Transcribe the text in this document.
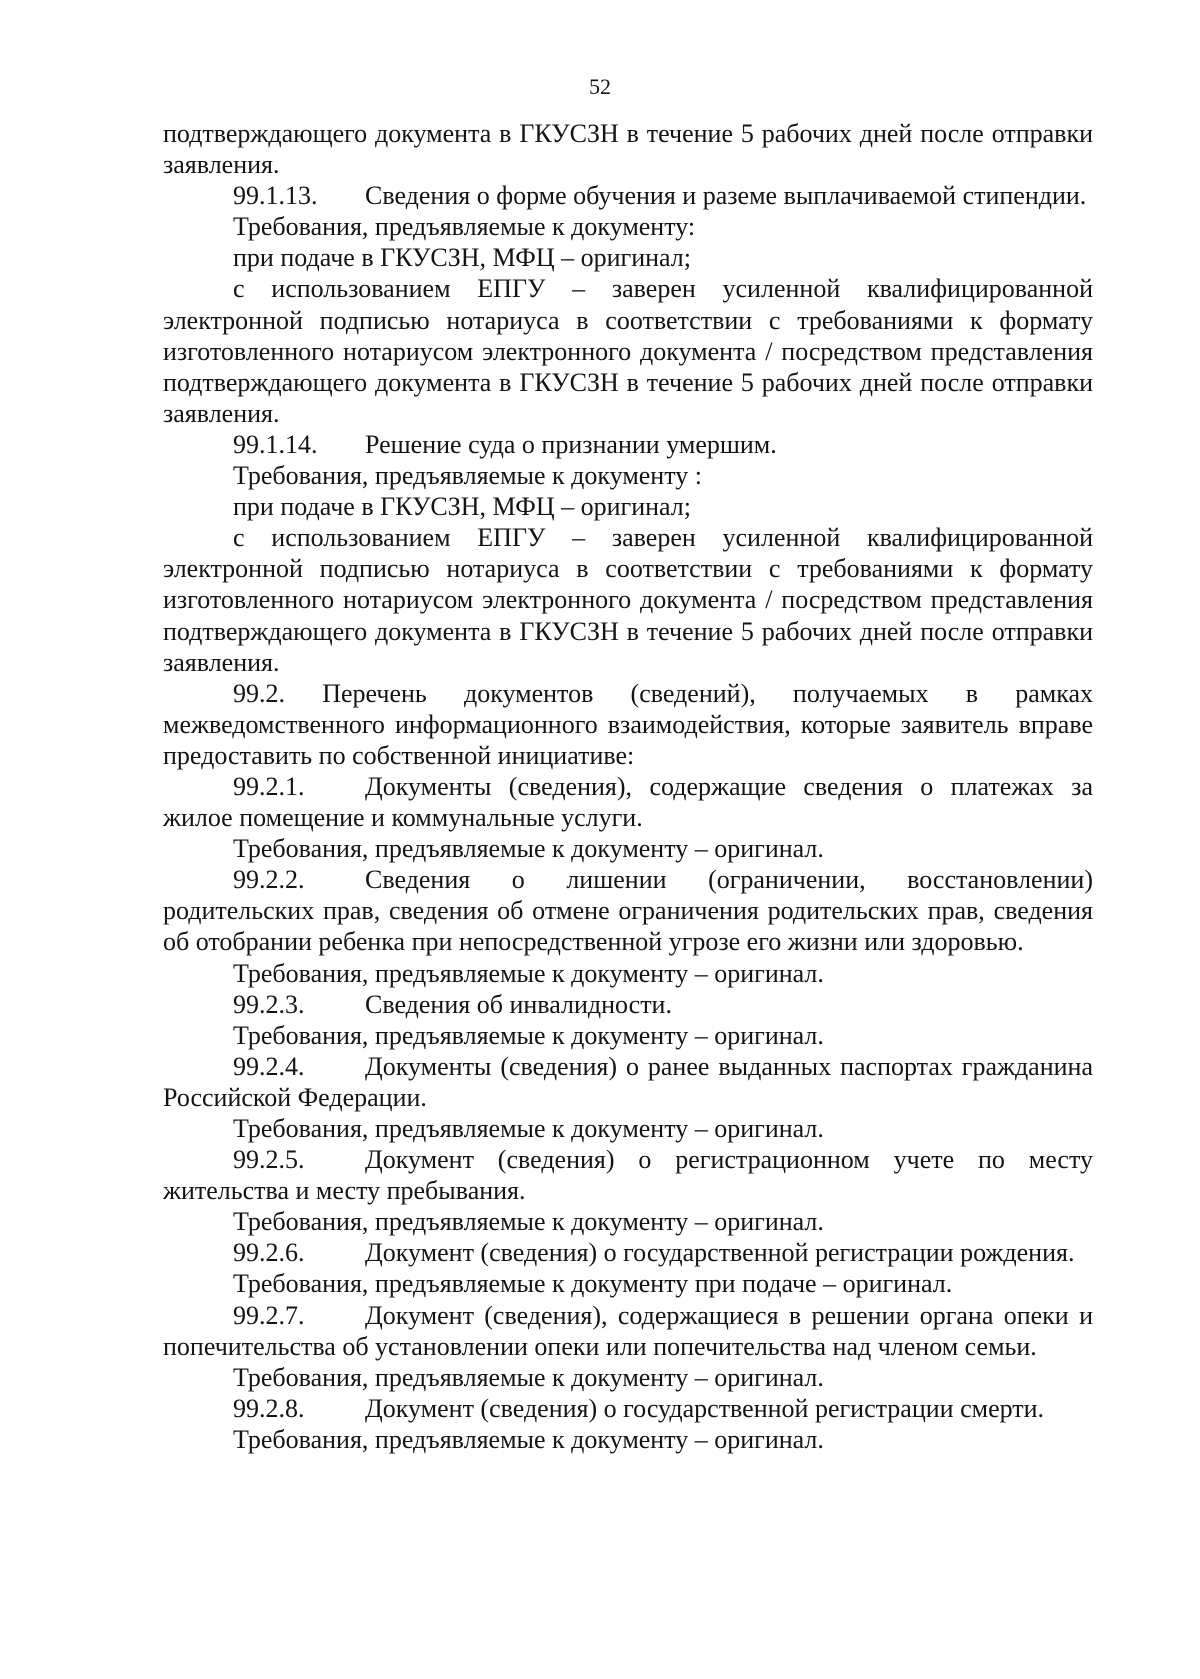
52

подтверждающего документа в ГКУСЗН в течение 5 рабочих дней после отправки заявления.

99.1.13. Сведения о форме обучения и раземе выплачиваемой стипендии.

Требования, предъявляемые к документу:

при подаче в ГКУСЗН, МФЦ – оригинал;

с использованием ЕПГУ – заверен усиленной квалифицированной электронной подписью нотариуса в соответствии с требованиями к формату изготовленного нотариусом электронного документа / посредством представления подтверждающего документа в ГКУСЗН в течение 5 рабочих дней после отправки заявления.

99.1.14. Решение суда о признании умершим.

Требования, предъявляемые к документу :

при подаче в ГКУСЗН, МФЦ – оригинал;

с использованием ЕПГУ – заверен усиленной квалифицированной электронной подписью нотариуса в соответствии с требованиями к формату изготовленного нотариусом электронного документа / посредством представления подтверждающего документа в ГКУСЗН в течение 5 рабочих дней после отправки заявления.

99.2. Перечень документов (сведений), получаемых в рамках межведомственного информационного взаимодействия, которые заявитель вправе предоставить по собственной инициативе:

99.2.1. Документы (сведения), содержащие сведения о платежах за жилое помещение и коммунальные услуги.

Требования, предъявляемые к документу – оригинал.

99.2.2. Сведения о лишении (ограничении, восстановлении) родительских прав, сведения об отмене ограничения родительских прав, сведения об отобрании ребенка при непосредственной угрозе его жизни или здоровью.

Требования, предъявляемые к документу – оригинал.

99.2.3. Сведения об инвалидности.

Требования, предъявляемые к документу – оригинал.

99.2.4. Документы (сведения) о ранее выданных паспортах гражданина Российской Федерации.

Требования, предъявляемые к документу – оригинал.

99.2.5. Документ (сведения) о регистрационном учете по месту жительства и месту пребывания.

Требования, предъявляемые к документу – оригинал.

99.2.6. Документ (сведения) о государственной регистрации рождения.

Требования, предъявляемые к документу при подаче – оригинал.

99.2.7. Документ (сведения), содержащиеся в решении органа опеки и попечительства об установлении опеки или попечительства над членом семьи.

Требования, предъявляемые к документу – оригинал.

99.2.8. Документ (сведения) о государственной регистрации смерти.

Требования, предъявляемые к документу – оригинал.
